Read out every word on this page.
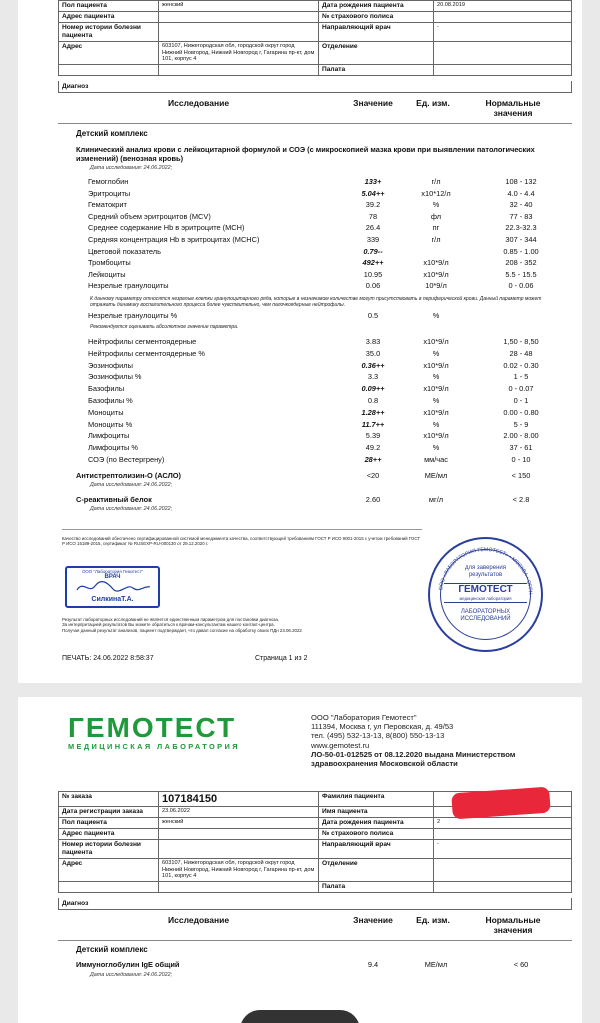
Пол пациента	женский	Дата рождения пациента	20.08.2019
Адрес пациента		№ страхового полиса	
Номер истории болезни пациента		Направляющий врач	-
Адрес	603107, Нижегородская обл, городской округ город Нижний Новгород, Нижний Новгород г, Гагарина пр-кт, дом 101, корпус 4	Отделение	
		Палата	
Диагноз
Исследование	Значение	Ед. изм.	Нормальные значения
Детский комплекс
Клинический анализ крови с лейкоцитарной формулой и СОЭ (с микроскопией мазка крови при выявлении патологических изменений) (венозная кровь)
Дата исследования: 24.06.2022;
Гемоглобин	133+	г/л	108 - 132
Эритроциты	5.04++	x10*12/л	4.0 - 4.4
Гематокрит	39.2	%	32 - 40
Средний объем эритроцитов (MCV)	78	фл	77 - 83
Среднее содержание Hb в эритроците (MCH)	26.4	пг	22.3-32.3
Средняя концентрация Hb в эритроцитах (MCHC)	339	г/л	307 - 344
Цветовой показатель	0.79--	0.85 - 1.00
Тромбоциты	492++	x10*9/л	208 - 352
Лейкоциты	10.95	x10*9/л	5.5 - 15.5
Незрелые гранулоциты	0.06	10*9/л	0 - 0.06
К данному параметру относятся незрелые клетки гранулоцитарного ряда, которые в незначимом количестве могут присутствовать в периферической крови. Данный параметр может отражать динамику воспалительного процесса более чувствительно, чем палочкоядерные нейтрофилы.
Незрелые гранулоциты %	0.5	%
Рекомендуется оценивать абсолютное значение параметра.
Нейтрофилы сегментоядерные	3.83	x10*9/л	1,50 - 8,50
Нейтрофилы сегментоядерные %	35.0	%	28 - 48
Эозинофилы	0.36++	x10*9/л	0.02 - 0.30
Эозинофилы %	3.3	%	1 - 5
Базофилы	0.09++	x10*9/л	0 - 0.07
Базофилы %	0.8	%	0 - 1
Моноциты	1.28++	x10*9/л	0.00 - 0.80
Моноциты %	11.7++	%	5 - 9
Лимфоциты	5.39	x10*9/л	2.00 - 8.00
Лимфоциты %	49.2	%	37 - 61
СОЭ (по Вестергрену)	28++	мм/час	0 - 10
Антистрептолизин-О (АСЛО)	<20	МЕ/мл	< 150
Дата исследования: 24.06.2022;
С-реактивный белок	2.60	мг/л	< 2.8
Дата исследования: 24.06.2022;
Качество исследований обеспечено сертифицированной системой менеджмента качества, соответствующей требованиям ГОСТ Р ИСО 9001-2015 с учетом требований ГОСТ Р ИСО 15189-2015, сертификат № RUSEXP-RU-000130 от 29.12.2020 г.
ООО "Лаборатория Гемотест"
ВРАЧ
СилкинаТ.А.
ООО «ЛАБОРАТОРИЯ ГЕМОТЕСТ» • МОСКВА • ОГРН
для заверения
результатов
ГЕМОТЕСТ
медицинская лаборатория
ЛАБОРАТОРНЫХ
ИССЛЕДОВАНИЙ
Результат лабораторных исследований не является единственным параметром для постановки диагноза.
За интерпретацией результатов Вы можете обратиться к врачам-консультантам нашего контакт-центра.
Получая данный результат анализов, пациент подтверждает, что давал согласие на обработку своих ПДн 23.06.2022
ПЕЧАТЬ: 24.06.2022 8:58:37	Страница 1 из 2
ГЕМОТЕСТ
МЕДИЦИНСКАЯ ЛАБОРАТОРИЯ
ООО "Лаборатория Гемотест"
111394, Москва г, ул Перовская, д. 49/53
тел. (495) 532-13-13, 8(800) 550-13-13
www.gemotest.ru
ЛО-50-01-012525 от 08.12.2020 выдана Министерством
здравоохранения Московской области
№ заказа	107184150	Фамилия пациента	
Дата регистрации заказа	23.06.2022	Имя пациента	
Пол пациента	женский	Дата рождения пациента	2
Адрес пациента		№ страхового полиса	
Номер истории болезни пациента		Направляющий врач	-
Адрес	603107, Нижегородская обл, городской округ город Нижний Новгород, Нижний Новгород г, Гагарина пр-кт, дом 101, корпус 4	Отделение	
		Палата	
Диагноз
Исследование	Значение	Ед. изм.	Нормальные значения
Детский комплекс
Иммуноглобулин IgE общий	9.4	МЕ/мл	< 60
Дата исследования: 24.06.2022;
